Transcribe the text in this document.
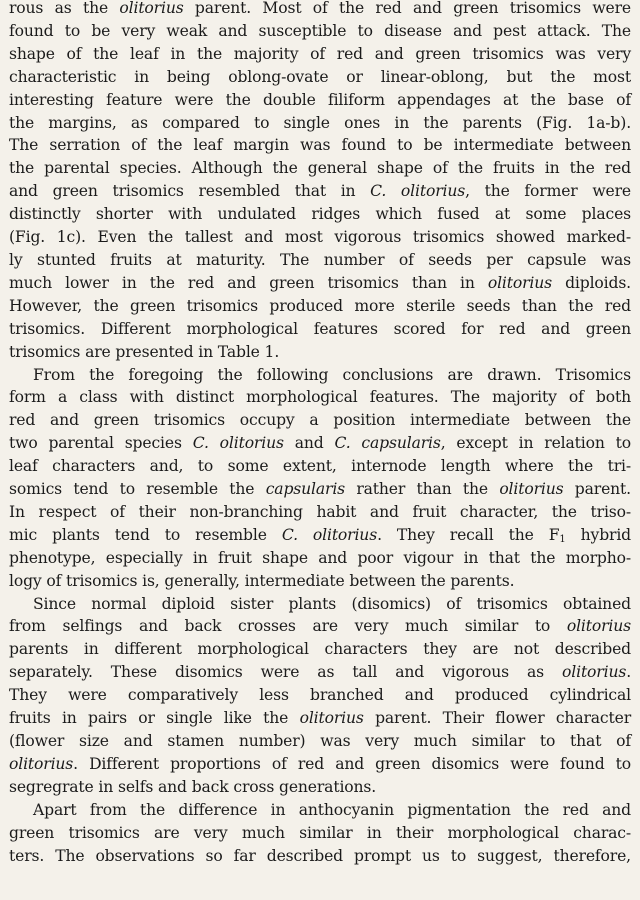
rous as the olitorius parent. Most of the red and green trisomics were
found to be very weak and susceptible to disease and pest attack. The
shape of the leaf in the majority of red and green trisomics was very
characteristic in being oblong-ovate or linear-oblong, but the most
interesting feature were the double filiform appendages at the base of
the margins, as compared to single ones in the parents (Fig. 1a-b).
The serration of the leaf margin was found to be intermediate between
the parental species. Although the general shape of the fruits in the red
and green trisomics resembled that in C. olitorius, the former were
distinctly shorter with undulated ridges which fused at some places
(Fig. 1c). Even the tallest and most vigorous trisomics showed marked-
ly stunted fruits at maturity. The number of seeds per capsule was
much lower in the red and green trisomics than in olitorius diploids.
However, the green trisomics produced more sterile seeds than the red
trisomics. Different morphological features scored for red and green
trisomics are presented in Table 1.
From the foregoing the following conclusions are drawn. Trisomics
form a class with distinct morphological features. The majority of both
red and green trisomics occupy a position intermediate between the
two parental species C. olitorius and C. capsularis, except in relation to
leaf characters and, to some extent, internode length where the tri-
somics tend to resemble the capsularis rather than the olitorius parent.
In respect of their non-branching habit and fruit character, the triso-
mic plants tend to resemble C. olitorius. They recall the $F_1$ hybrid
phenotype, especially in fruit shape and poor vigour in that the morpho-
logy of trisomics is, generally, intermediate between the parents.
Since normal diploid sister plants (disomics) of trisomics obtained
from selfings and back crosses are very much similar to olitorius
parents in different morphological characters they are not described
separately. These disomics were as tall and vigorous as olitorius.
They were comparatively less branched and produced cylindrical
fruits in pairs or single like the olitorius parent. Their flower character
(flower size and stamen number) was very much similar to that of
olitorius. Different proportions of red and green disomics were found to
segregrate in selfs and back cross generations.
Apart from the difference in anthocyanin pigmentation the red and
green trisomics are very much similar in their morphological charac-
ters. The observations so far described prompt us to suggest, therefore,
